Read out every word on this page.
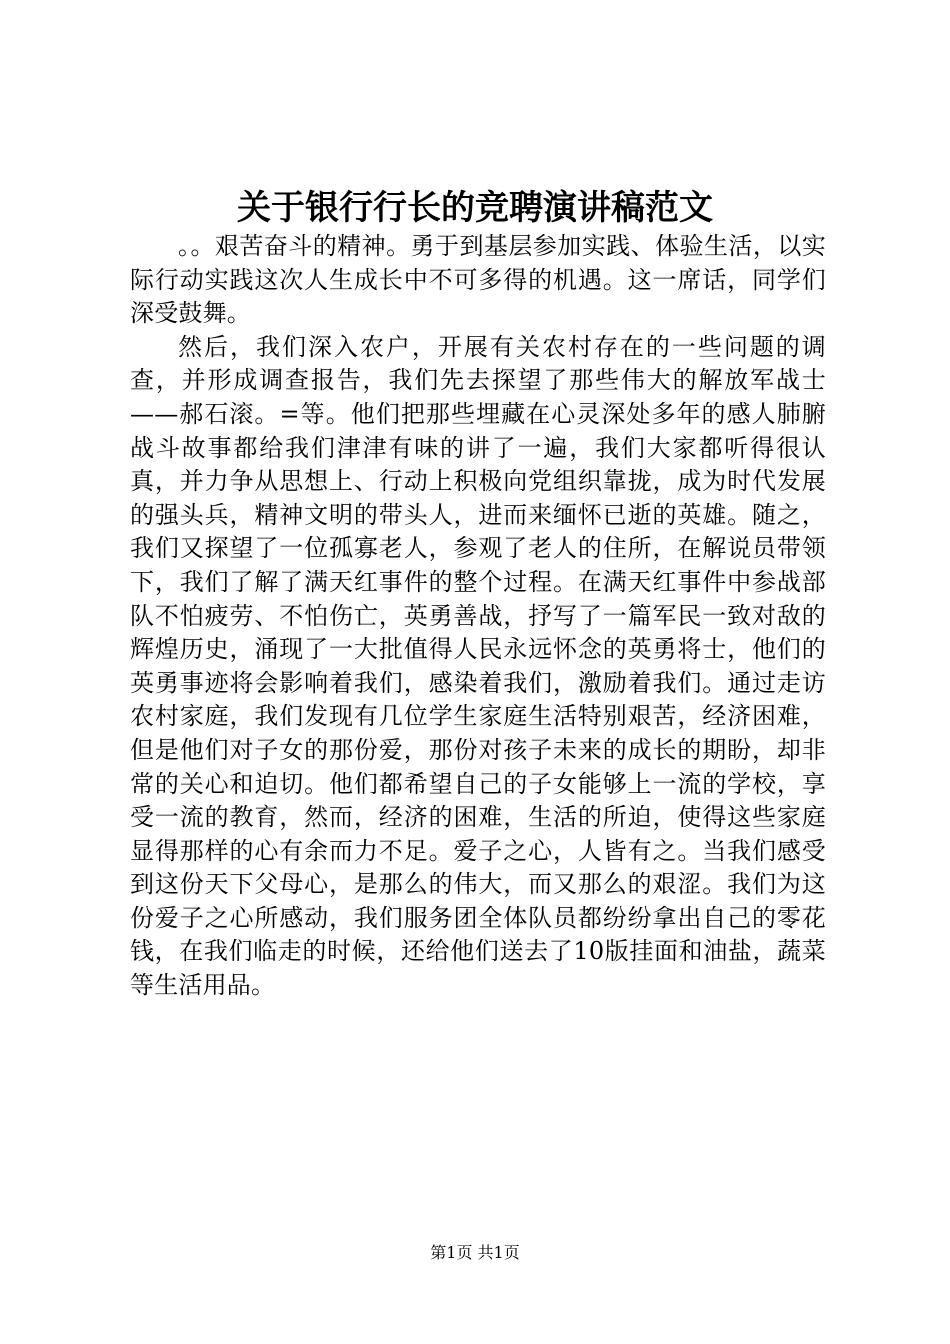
关于银行行长的竞聘演讲稿范文

。。艰苦奋斗的精神。勇于到基层参加实践、体验生活，以实际行动实践这次人生成长中不可多得的机遇。这一席话，同学们深受鼓舞。

然后，我们深入农户，开展有关农村存在的一些问题的调查，并形成调查报告，我们先去探望了那些伟大的解放军战士——郝石滚。=等。他们把那些埋藏在心灵深处多年的感人肺腑战斗故事都给我们津津有味的讲了一遍，我们大家都听得很认真，并力争从思想上、行动上积极向党组织靠拢，成为时代发展的强头兵，精神文明的带头人，进而来缅怀已逝的英雄。随之，我们又探望了一位孤寡老人，参观了老人的住所，在解说员带领下，我们了解了满天红事件的整个过程。在满天红事件中参战部队不怕疲劳、不怕伤亡，英勇善战，抒写了一篇军民一致对敌的辉煌历史，涌现了一大批值得人民永远怀念的英勇将士，他们的英勇事迹将会影响着我们，感染着我们，激励着我们。通过走访农村家庭，我们发现有几位学生家庭生活特别艰苦，经济困难，但是他们对子女的那份爱，那份对孩子未来的成长的期盼，却非常的关心和迫切。他们都希望自己的子女能够上一流的学校，享受一流的教育，然而，经济的困难，生活的所迫，使得这些家庭显得那样的心有余而力不足。爱子之心，人皆有之。当我们感受到这份天下父母心，是那么的伟大，而又那么的艰涩。我们为这份爱子之心所感动，我们服务团全体队员都纷纷拿出自己的零花钱，在我们临走的时候，还给他们送去了10版挂面和油盐，蔬菜等生活用品。

第1页 共1页
